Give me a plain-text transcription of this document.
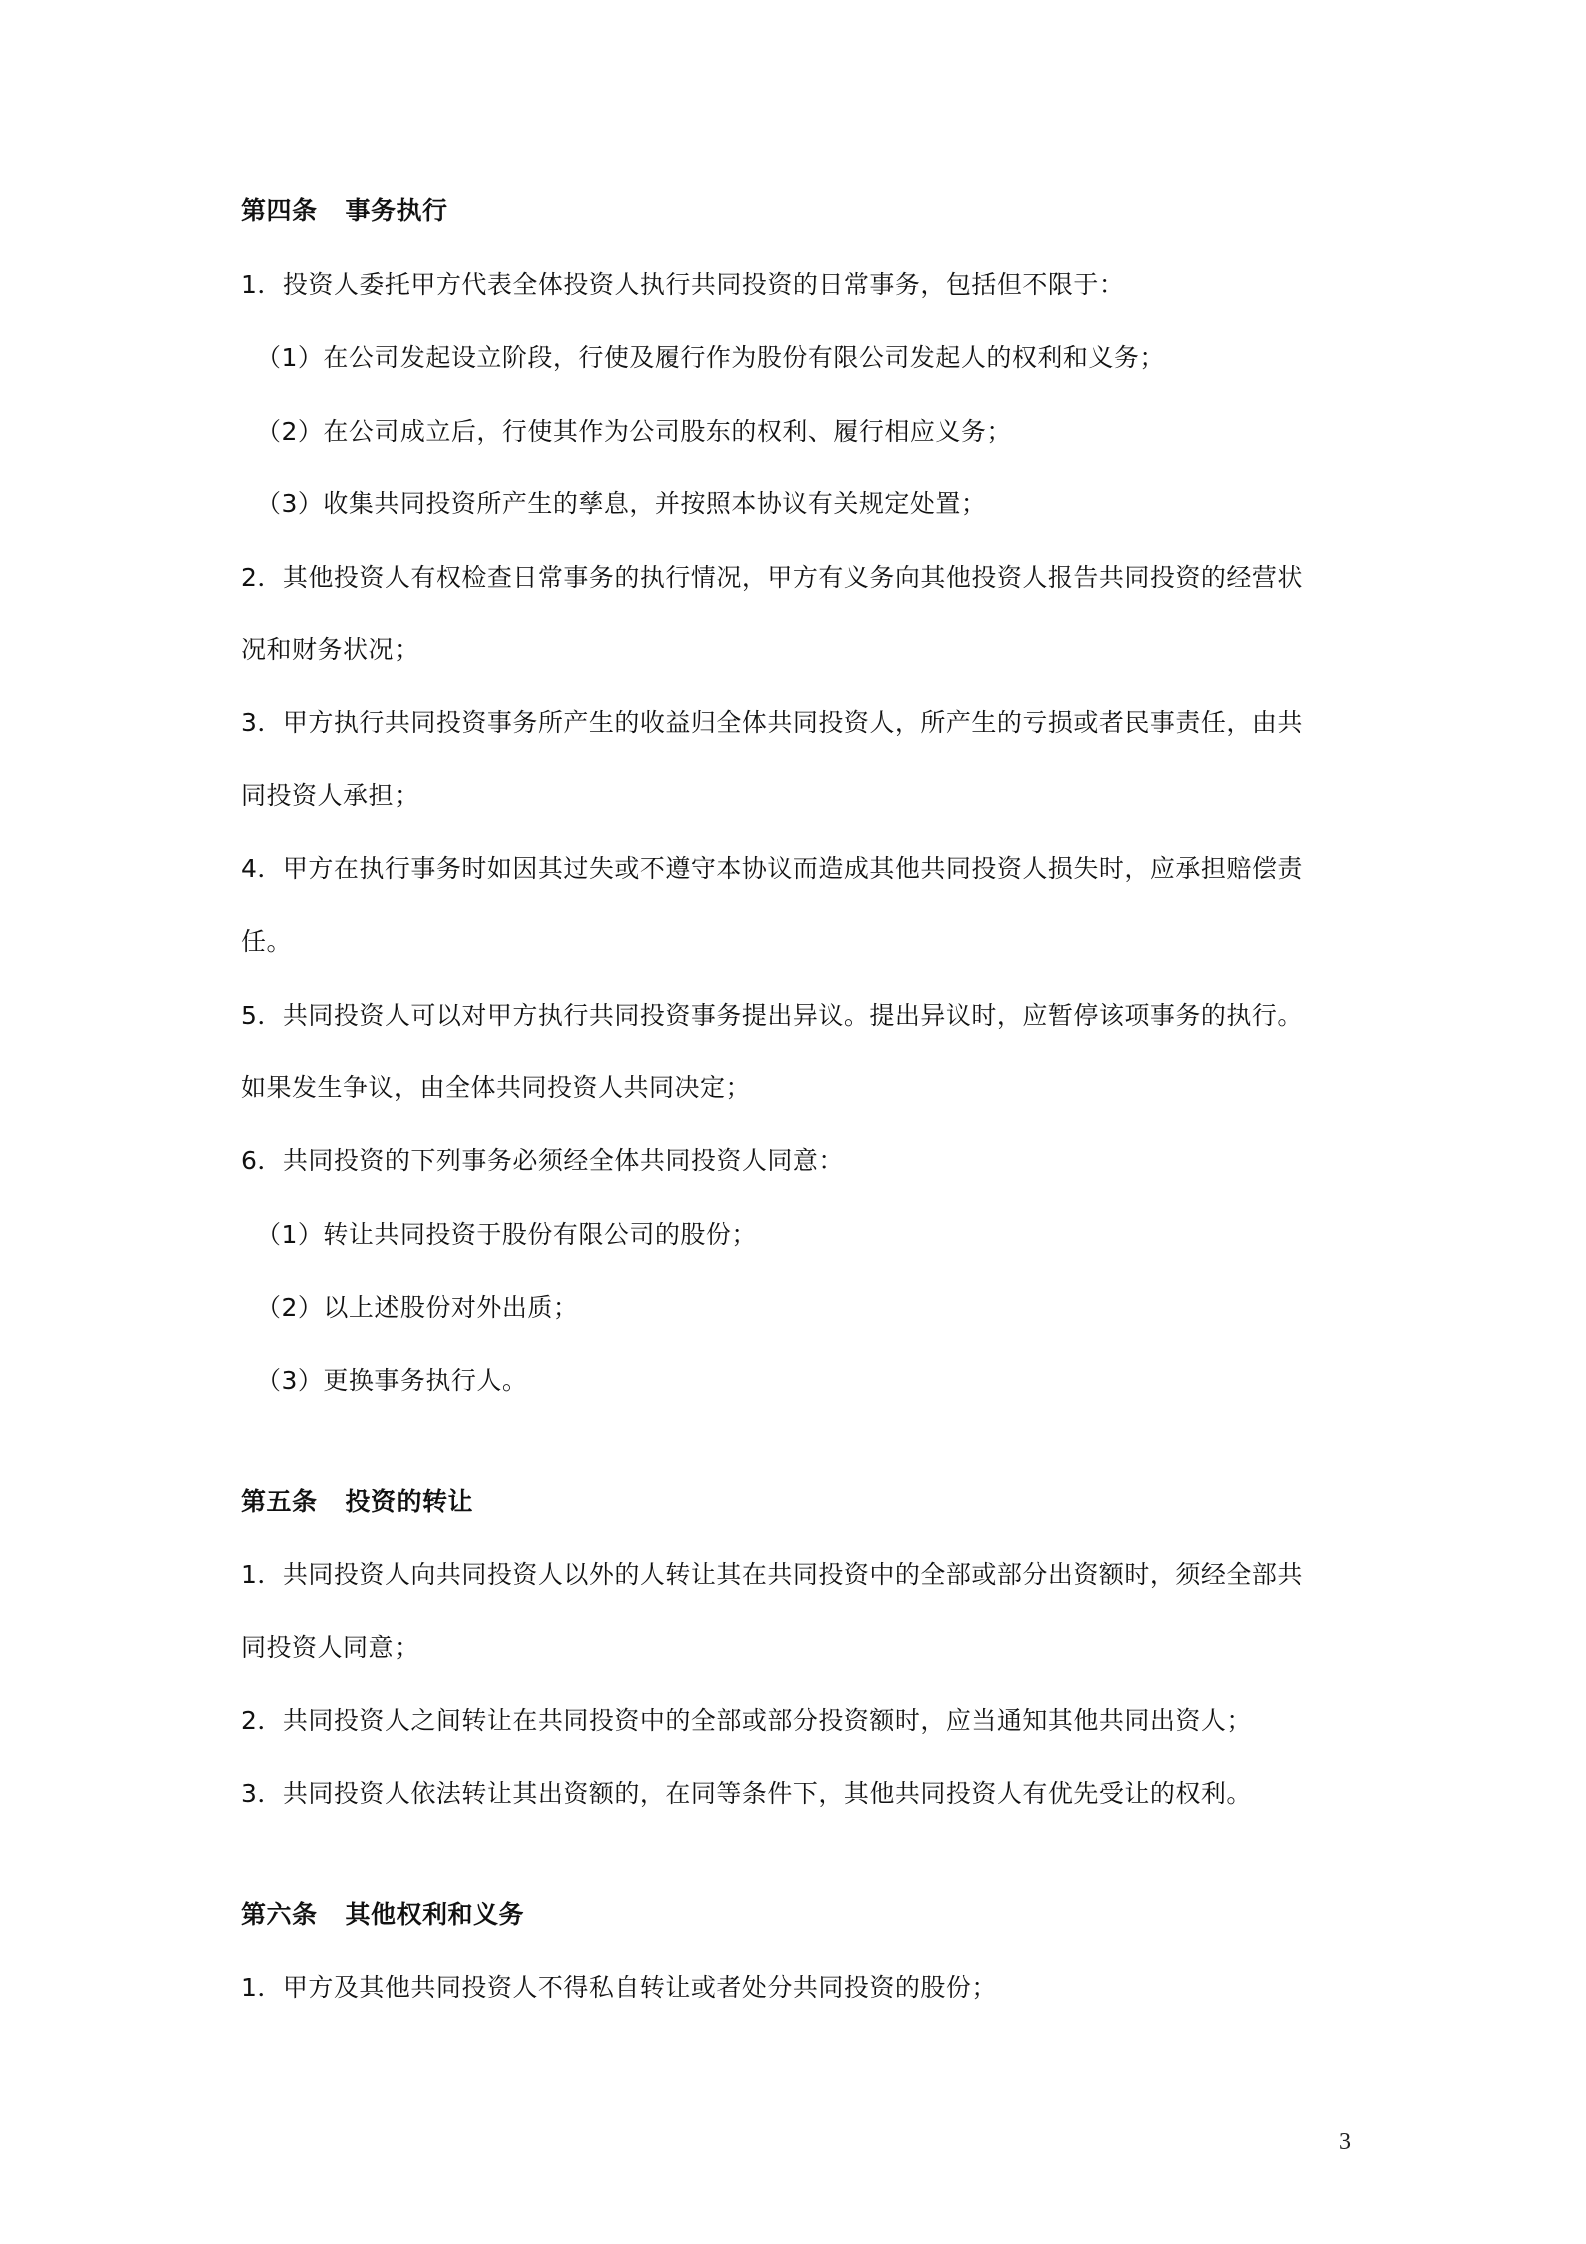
第四条 事务执行
1．投资人委托甲方代表全体投资人执行共同投资的日常事务，包括但不限于：
（1）在公司发起设立阶段，行使及履行作为股份有限公司发起人的权利和义务；
（2）在公司成立后，行使其作为公司股东的权利、履行相应义务；
（3）收集共同投资所产生的孳息，并按照本协议有关规定处置；
2．其他投资人有权检查日常事务的执行情况，甲方有义务向其他投资人报告共同投资的经营状
况和财务状况；
3．甲方执行共同投资事务所产生的收益归全体共同投资人，所产生的亏损或者民事责任，由共
同投资人承担；
4．甲方在执行事务时如因其过失或不遵守本协议而造成其他共同投资人损失时，应承担赔偿责
任。
5．共同投资人可以对甲方执行共同投资事务提出异议。提出异议时，应暂停该项事务的执行。
如果发生争议，由全体共同投资人共同决定；
6．共同投资的下列事务必须经全体共同投资人同意：
（1）转让共同投资于股份有限公司的股份；
（2）以上述股份对外出质；
（3）更换事务执行人。
第五条 投资的转让
1．共同投资人向共同投资人以外的人转让其在共同投资中的全部或部分出资额时，须经全部共
同投资人同意；
2．共同投资人之间转让在共同投资中的全部或部分投资额时，应当通知其他共同出资人；
3．共同投资人依法转让其出资额的，在同等条件下，其他共同投资人有优先受让的权利。
第六条 其他权利和义务
1．甲方及其他共同投资人不得私自转让或者处分共同投资的股份；
3
